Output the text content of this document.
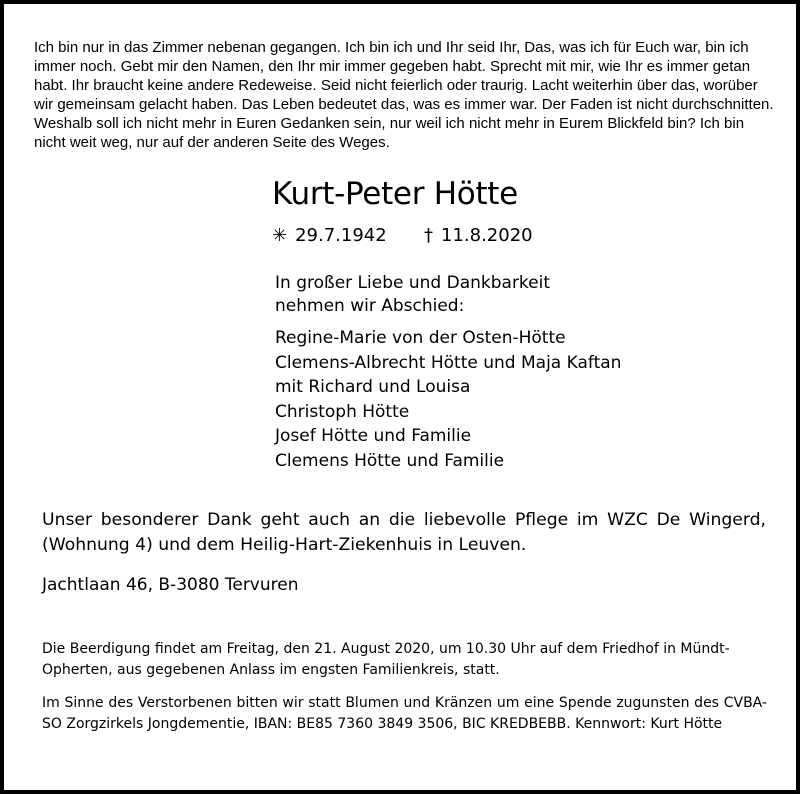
Ich bin nur in das Zimmer nebenan gegangen. Ich bin ich und Ihr seid Ihr, Das, was ich für Euch war, bin ich immer noch. Gebt mir den Namen, den Ihr mir immer gegeben habt. Sprecht mit mir, wie Ihr es immer getan habt. Ihr braucht keine andere Redeweise. Seid nicht feierlich oder traurig. Lacht weiterhin über das, worüber wir gemeinsam gelacht haben. Das Leben bedeutet das, was es immer war. Der Faden ist nicht durchschnitten. Weshalb soll ich nicht mehr in Euren Gedanken sein, nur weil ich nicht mehr in Eurem Blickfeld bin? Ich bin nicht weit weg, nur auf der anderen Seite des Weges.

Kurt-Peter Hötte
✳ 29.7.1942 † 11.8.2020

In großer Liebe und Dankbarkeit
nehmen wir Abschied:

Regine-Marie von der Osten-Hötte
Clemens-Albrecht Hötte und Maja Kaftan
mit Richard und Louisa
Christoph Hötte
Josef Hötte und Familie
Clemens Hötte und Familie

Unser besonderer Dank geht auch an die liebevolle Pflege im WZC De Wingerd, (Wohnung 4) und dem Heilig-Hart-Ziekenhuis in Leuven.

Jachtlaan 46, B-3080 Tervuren

Die Beerdigung findet am Freitag, den 21. August 2020, um 10.30 Uhr auf dem Friedhof in Mündt-Opherten, aus gegebenen Anlass im engsten Familienkreis, statt.

Im Sinne des Verstorbenen bitten wir statt Blumen und Kränzen um eine Spende zugunsten des CVBA-SO Zorgzirkels Jongdementie, IBAN: BE85 7360 3849 3506, BIC KREDBEBB. Kennwort: Kurt Hötte
